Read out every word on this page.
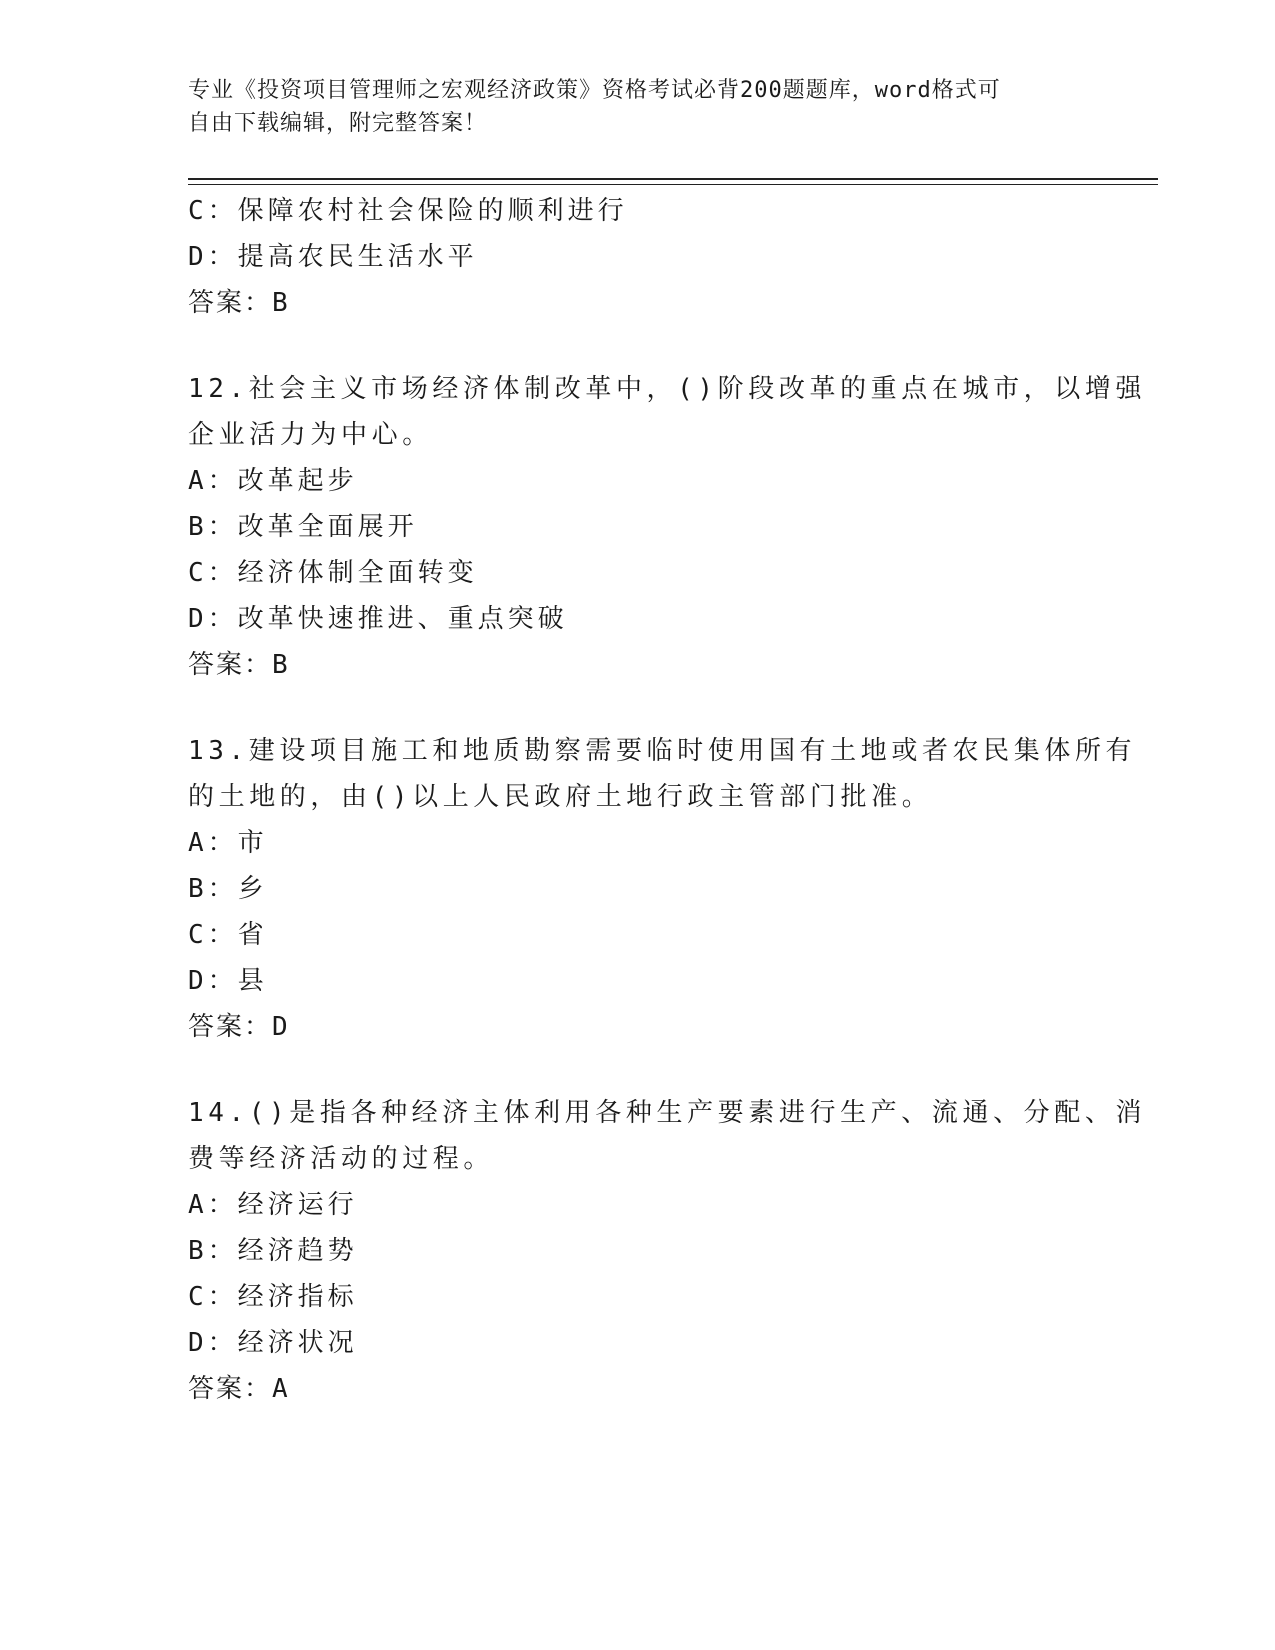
专业《投资项目管理师之宏观经济政策》资格考试必背200题题库，word格式可
自由下载编辑，附完整答案！
C：保障农村社会保险的顺利进行
D：提高农民生活水平
答案：B
12.社会主义市场经济体制改革中，()阶段改革的重点在城市，以增强
企业活力为中心。
A：改革起步
B：改革全面展开
C：经济体制全面转变
D：改革快速推进、重点突破
答案：B
13.建设项目施工和地质勘察需要临时使用国有土地或者农民集体所有
的土地的，由()以上人民政府土地行政主管部门批准。
A：市
B：乡
C：省
D：县
答案：D
14.()是指各种经济主体利用各种生产要素进行生产、流通、分配、消
费等经济活动的过程。
A：经济运行
B：经济趋势
C：经济指标
D：经济状况
答案：A
